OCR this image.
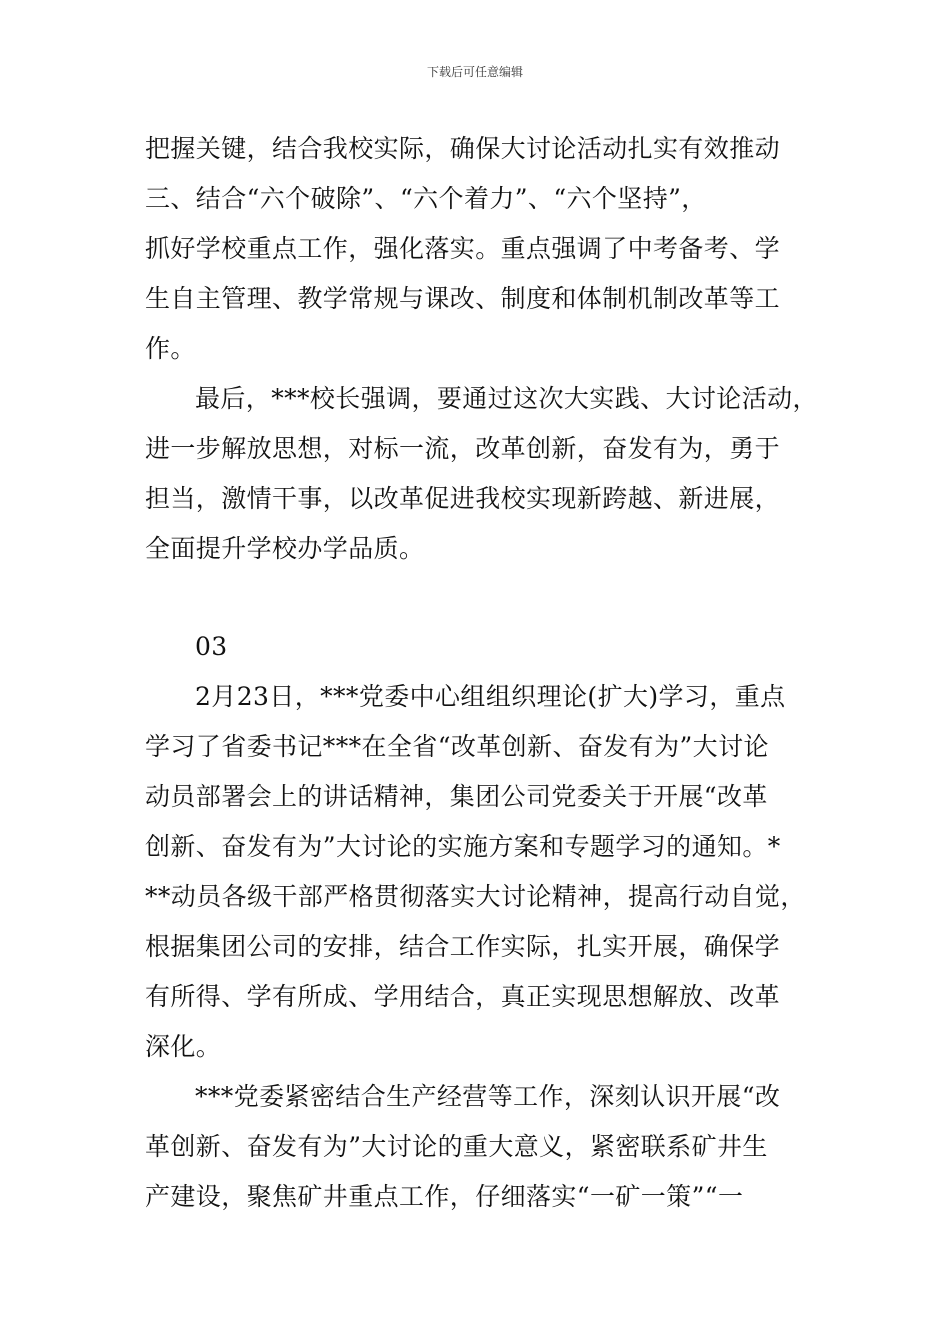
下载后可任意编辑
把握关键，结合我校实际，确保大讨论活动扎实有效推动
三、结合“六个破除”、“六个着力”、“六个坚持”，
抓好学校重点工作，强化落实。重点强调了中考备考、学
生自主管理、教学常规与课改、制度和体制机制改革等工
作。
最后，***校长强调，要通过这次大实践、大讨论活动，
进一步解放思想，对标一流，改革创新，奋发有为，勇于
担当，激情干事，以改革促进我校实现新跨越、新进展，
全面提升学校办学品质。
03
2月23日，***党委中心组组织理论(扩大)学习，重点
学习了省委书记***在全省“改革创新、奋发有为”大讨论
动员部署会上的讲话精神，集团公司党委关于开展“改革
创新、奋发有为”大讨论的实施方案和专题学习的通知。*
**动员各级干部严格贯彻落实大讨论精神，提高行动自觉，
根据集团公司的安排，结合工作实际，扎实开展，确保学
有所得、学有所成、学用结合，真正实现思想解放、改革
深化。
***党委紧密结合生产经营等工作，深刻认识开展“改
革创新、奋发有为”大讨论的重大意义，紧密联系矿井生
产建设，聚焦矿井重点工作，仔细落实“一矿一策”“一
